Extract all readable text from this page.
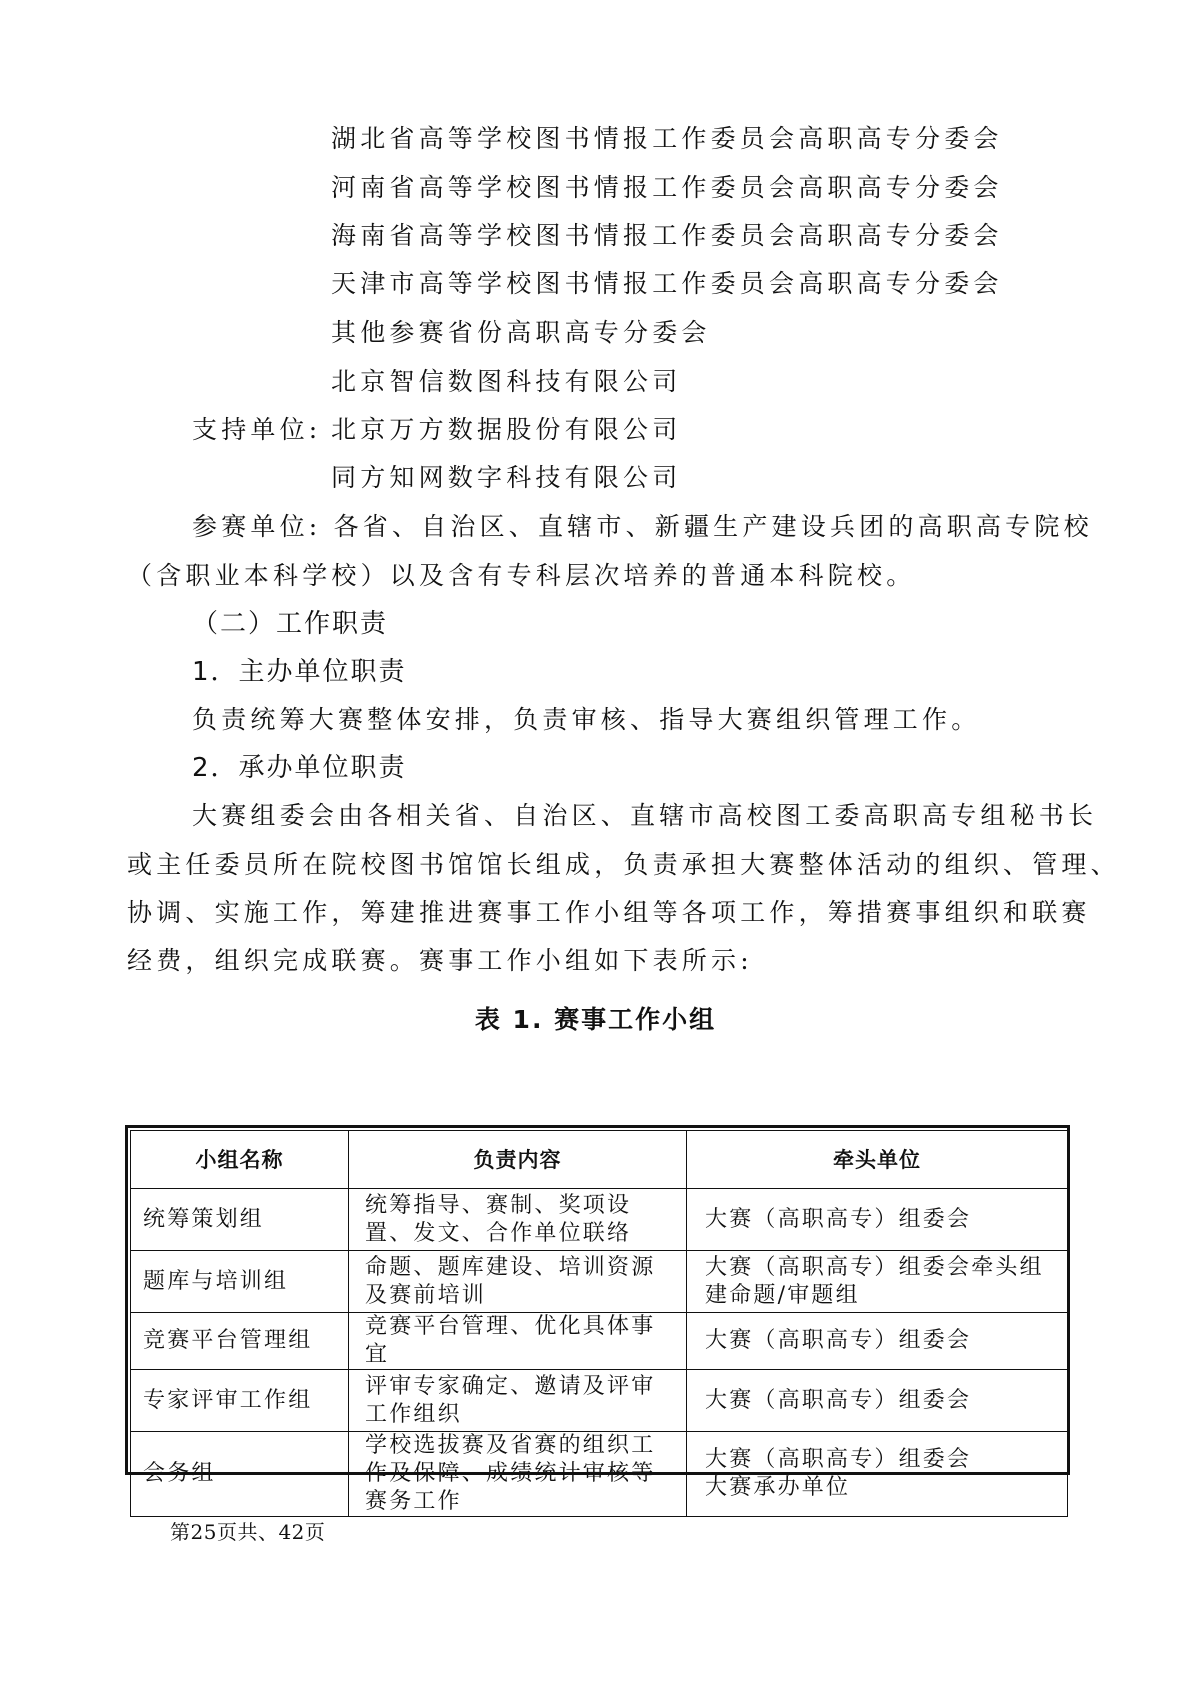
湖北省高等学校图书情报工作委员会高职高专分委会
河南省高等学校图书情报工作委员会高职高专分委会
海南省高等学校图书情报工作委员会高职高专分委会
天津市高等学校图书情报工作委员会高职高专分委会
其他参赛省份高职高专分委会
北京智信数图科技有限公司
支持单位: 北京万方数据股份有限公司
同方知网数字科技有限公司
参赛单位: 各省、自治区、直辖市、新疆生产建设兵团的高职高专院校
（含职业本科学校）以及含有专科层次培养的普通本科院校。
（二）工作职责
1．主办单位职责
负责统筹大赛整体安排，负责审核、指导大赛组织管理工作。
2．承办单位职责
大赛组委会由各相关省、自治区、直辖市高校图工委高职高专组秘书长
或主任委员所在院校图书馆馆长组成，负责承担大赛整体活动的组织、管理、
协调、实施工作，筹建推进赛事工作小组等各项工作，筹措赛事组织和联赛
经费，组织完成联赛。赛事工作小组如下表所示:
表 1. 赛事工作小组
小组名称	负责内容	牵头单位
统筹策划组	统筹指导、赛制、奖项设置、发文、合作单位联络	大赛（高职高专）组委会
题库与培训组	命题、题库建设、培训资源及赛前培训	大赛（高职高专）组委会牵头组建命题/审题组
竞赛平台管理组	竞赛平台管理、优化具体事宜	大赛（高职高专）组委会
专家评审工作组	评审专家确定、邀请及评审工作组织	大赛（高职高专）组委会
会务组	学校选拔赛及省赛的组织工作及保障、成绩统计审核等赛务工作	大赛（高职高专）组委会
大赛承办单位
第25页共、42页
